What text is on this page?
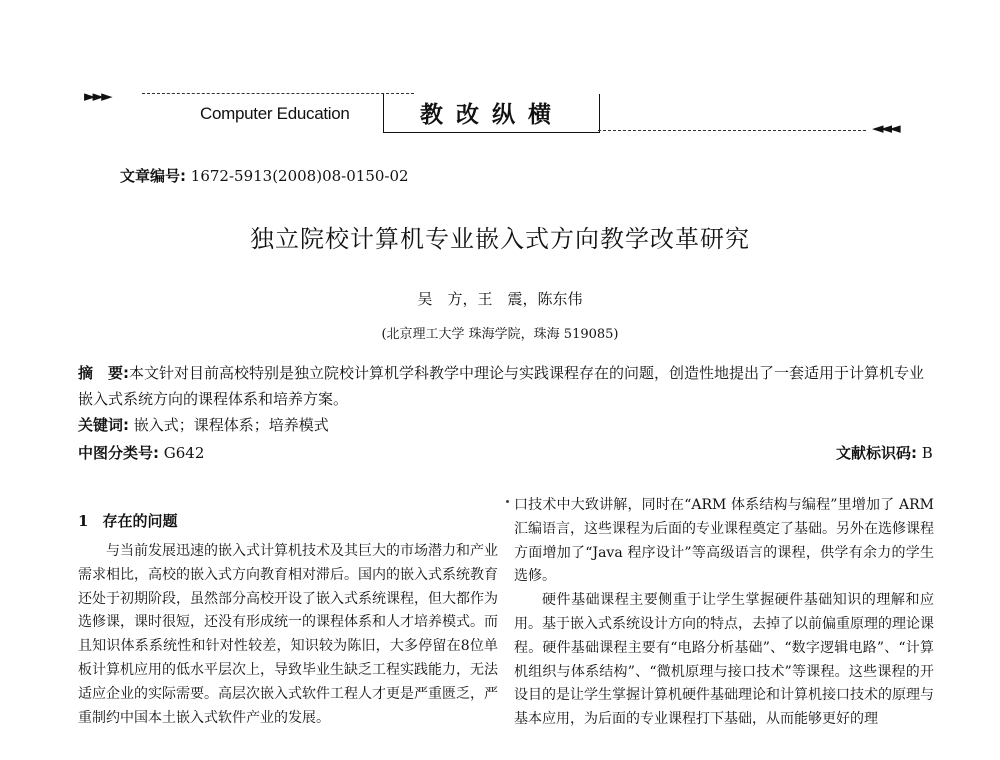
►►►
Computer Education	教改纵横	◄◄◄
文章编号: 1672-5913(2008)08-0150-02
独立院校计算机专业嵌入式方向教学改革研究
吴　方，王　震，陈东伟
(北京理工大学 珠海学院，珠海 519085)
摘　要:本文针对目前高校特别是独立院校计算机学科教学中理论与实践课程存在的问题，创造性地提出了一套适用于计算机专业嵌入式系统方向的课程体系和培养方案。
关键词: 嵌入式；课程体系；培养模式
中图分类号: G642	文献标识码: B
1 存在的问题

与当前发展迅速的嵌入式计算机技术及其巨大的市场潜力和产业需求相比，高校的嵌入式方向教育相对滞后。国内的嵌入式系统教育还处于初期阶段，虽然部分高校开设了嵌入式系统课程，但大都作为选修课，课时很短，还没有形成统一的课程体系和人才培养模式。而且知识体系系统性和针对性较差，知识较为陈旧，大多停留在8位单板计算机应用的低水平层次上，导致毕业生缺乏工程实践能力，无法适应企业的实际需要。高层次嵌入式软件工程人才更是严重匮乏，严重制约中国本土嵌入式软件产业的发展。

口技术中大致讲解，同时在“ARM 体系结构与编程”里增加了 ARM 汇编语言，这些课程为后面的专业课程奠定了基础。另外在选修课程方面增加了“Java 程序设计”等高级语言的课程，供学有余力的学生选修。

硬件基础课程主要侧重于让学生掌握硬件基础知识的理解和应用。基于嵌入式系统设计方向的特点，去掉了以前偏重原理的理论课程。硬件基础课程主要有“电路分析基础”、“数字逻辑电路”、“计算机组织与体系结构”、“微机原理与接口技术”等课程。这些课程的开设目的是让学生掌握计算机硬件基础理论和计算机接口技术的原理与基本应用，为后面的专业课程打下基础，从而能够更好的理
